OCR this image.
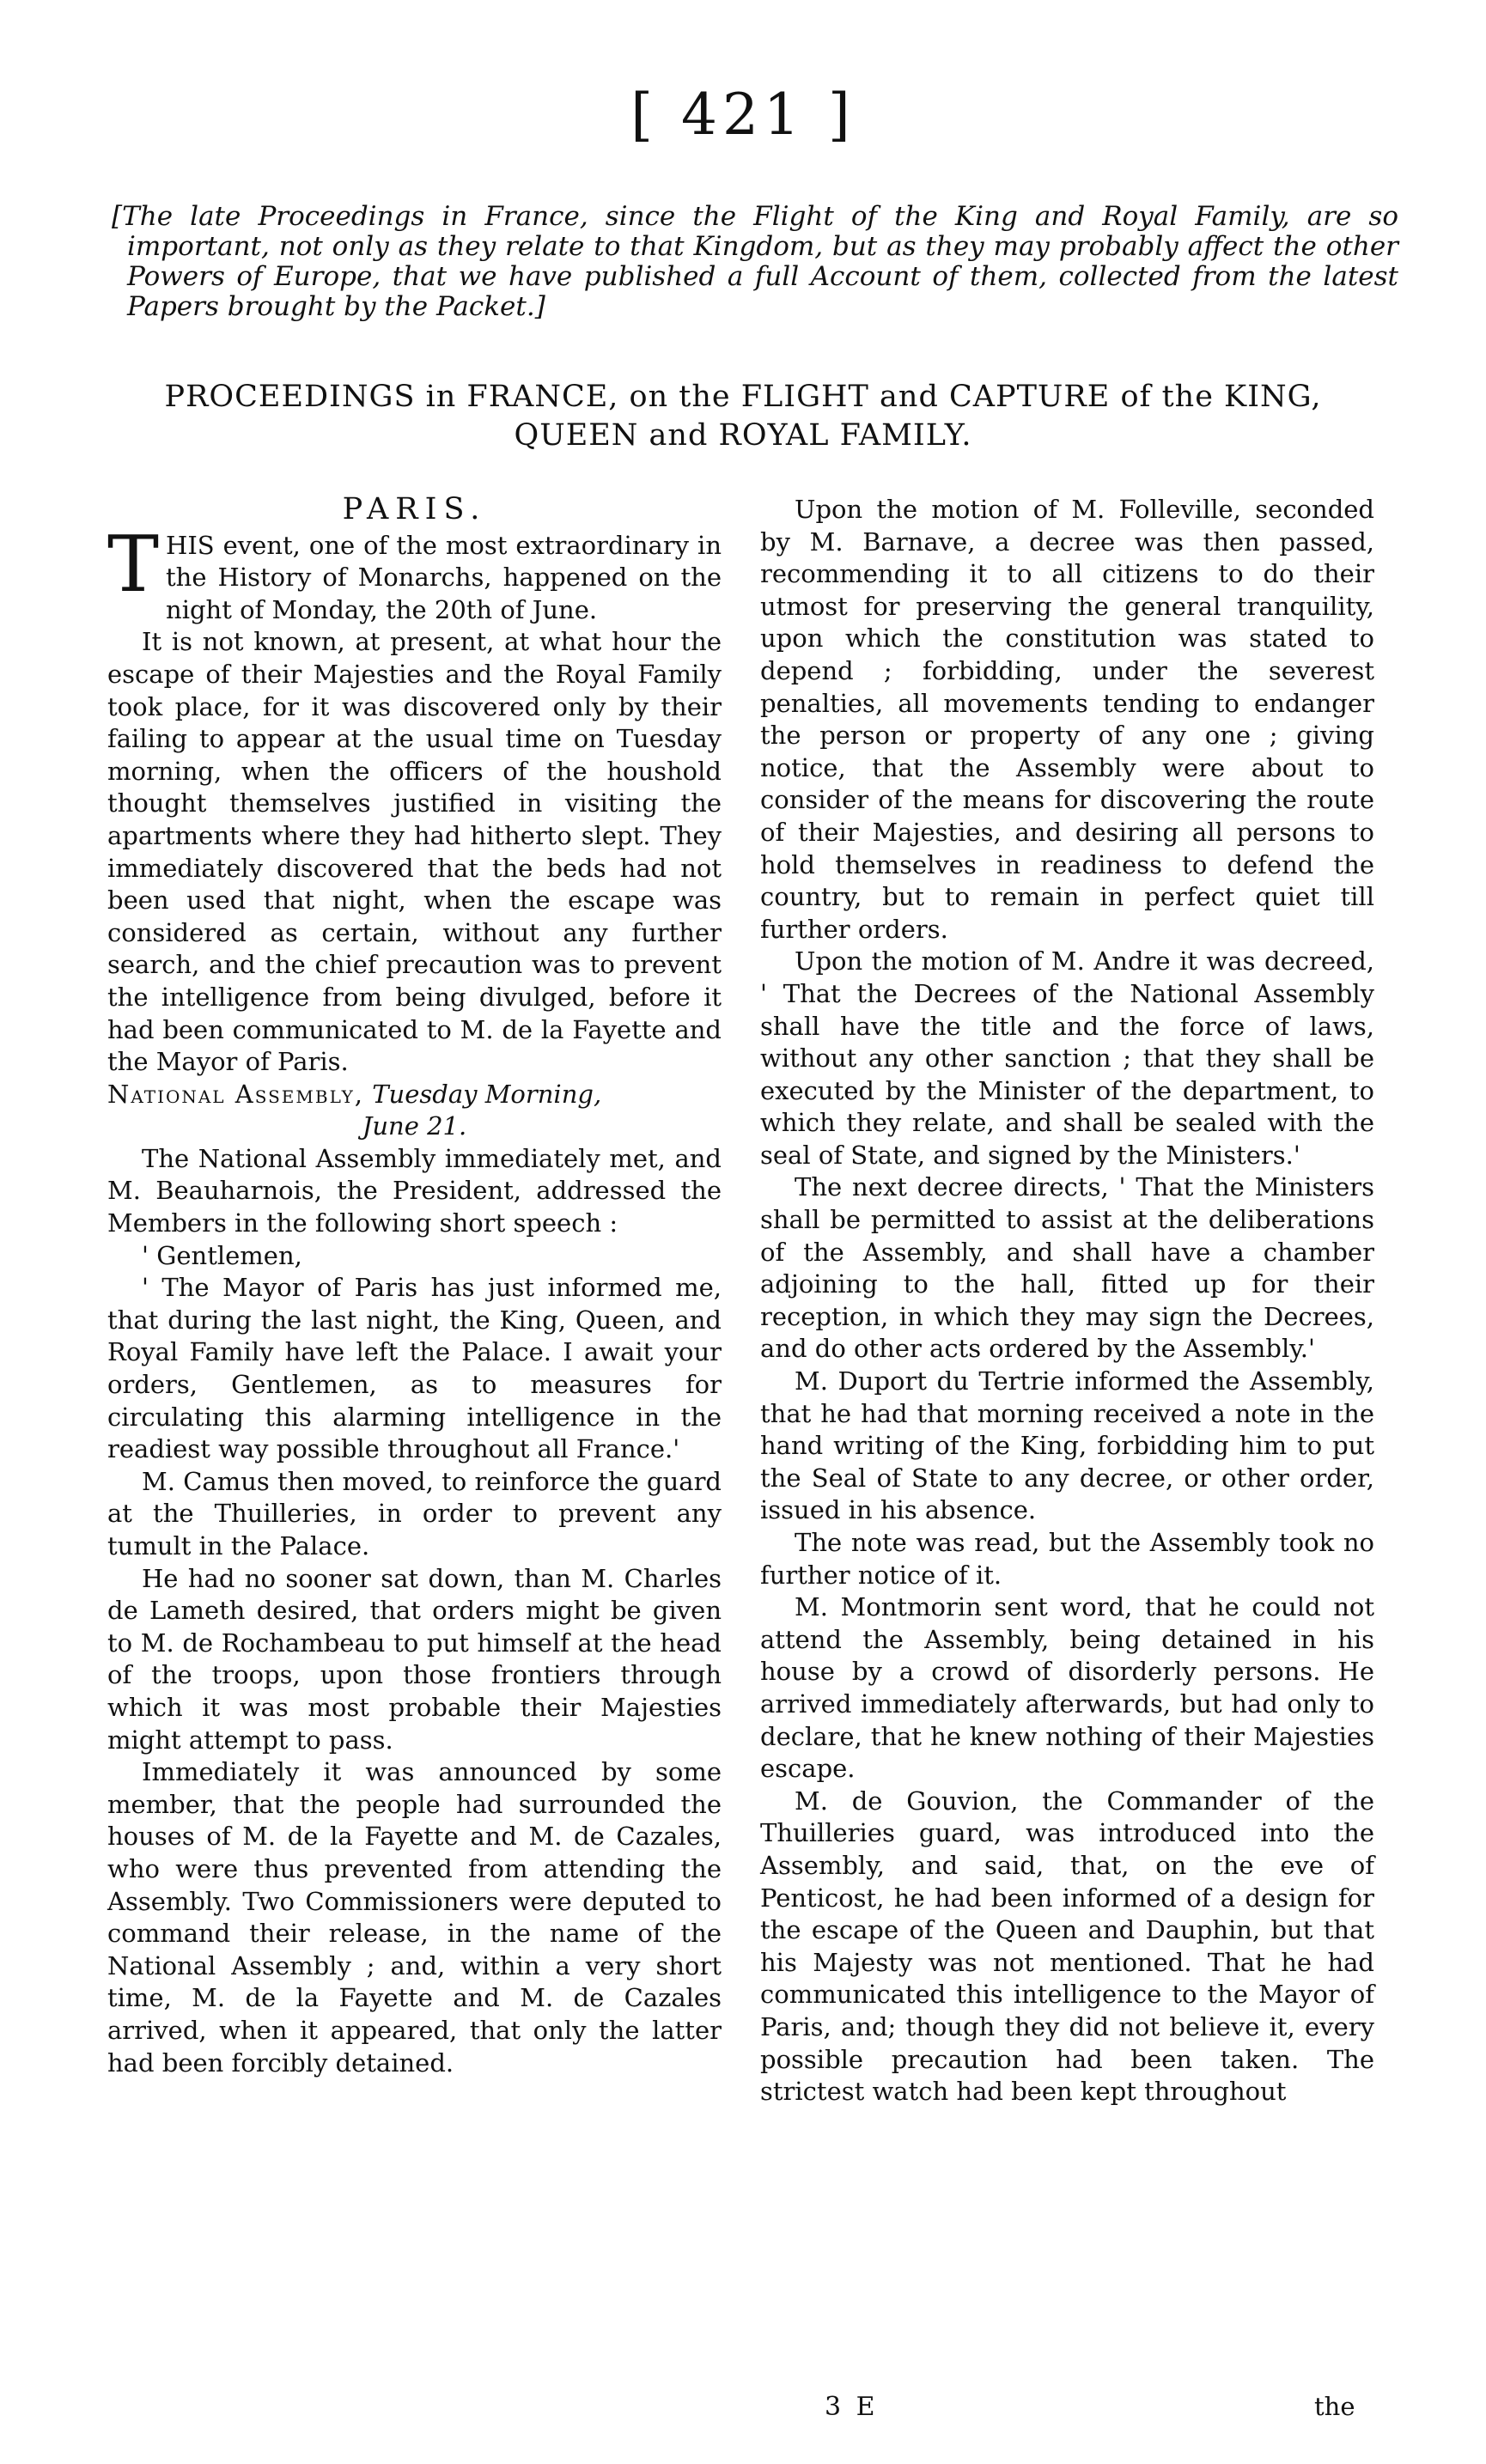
[ 421 ]
[The late Proceedings in France, since the Flight of the King and Royal Family, are so important, not only as they relate to that Kingdom, but as they may probably affect the other Powers of Europe, that we have published a full Account of them, collected from the latest Papers brought by the Packet.]
PROCEEDINGS in FRANCE, on the FLIGHT and CAPTURE of the KING,
QUEEN and ROYAL FAMILY.
PARIS.

THIS event, one of the most extraordinary in the History of Monarchs, happened on the night of Monday, the 20th of June.

It is not known, at present, at what hour the escape of their Majesties and the Royal Family took place, for it was discovered only by their failing to appear at the usual time on Tuesday morning, when the officers of the houshold thought themselves justified in visiting the apartments where they had hitherto slept. They immediately discovered that the beds had not been used that night, when the escape was considered as certain, without any further search, and the chief precaution was to prevent the intelligence from being divulged, before it had been communicated to M. de la Fayette and the Mayor of Paris.

National Assembly, Tuesday Morning,

June 21.

The National Assembly immediately met, and M. Beauharnois, the President, addressed the Members in the following short speech :

' Gentlemen,

' The Mayor of Paris has just informed me, that during the last night, the King, Queen, and Royal Family have left the Palace. I await your orders, Gentlemen, as to measures for circulating this alarming intelligence in the readiest way possible throughout all France.'

M. Camus then moved, to reinforce the guard at the Thuilleries, in order to prevent any tumult in the Palace.

He had no sooner sat down, than M. Charles de Lameth desired, that orders might be given to M. de Rochambeau to put himself at the head of the troops, upon those frontiers through which it was most probable their Majesties might attempt to pass.

Immediately it was announced by some member, that the people had surrounded the houses of M. de la Fayette and M. de Cazales, who were thus prevented from attending the Assembly. Two Commissioners were deputed to command their release, in the name of the National Assembly ; and, within a very short time, M. de la Fayette and M. de Cazales arrived, when it appeared, that only the latter had been forcibly detained.

Upon the motion of M. Folleville, seconded by M. Barnave, a decree was then passed, recommending it to all citizens to do their utmost for preserving the general tranquility, upon which the constitution was stated to depend ; forbidding, under the severest penalties, all movements tending to endanger the person or property of any one ; giving notice, that the Assembly were about to consider of the means for discovering the route of their Majesties, and desiring all persons to hold themselves in readiness to defend the country, but to remain in perfect quiet till further orders.

Upon the motion of M. Andre it was decreed, ' That the Decrees of the National Assembly shall have the title and the force of laws, without any other sanction ; that they shall be executed by the Minister of the department, to which they relate, and shall be sealed with the seal of State, and signed by the Ministers.'

The next decree directs, ' That the Ministers shall be permitted to assist at the deliberations of the Assembly, and shall have a chamber adjoining to the hall, fitted up for their reception, in which they may sign the Decrees, and do other acts ordered by the Assembly.'

M. Duport du Tertrie informed the Assembly, that he had that morning received a note in the hand writing of the King, forbidding him to put the Seal of State to any decree, or other order, issued in his absence.

The note was read, but the Assembly took no further notice of it.

M. Montmorin sent word, that he could not attend the Assembly, being detained in his house by a crowd of disorderly persons. He arrived immediately afterwards, but had only to declare, that he knew nothing of their Majesties escape.

M. de Gouvion, the Commander of the Thuilleries guard, was introduced into the Assembly, and said, that, on the eve of Penticost, he had been informed of a design for the escape of the Queen and Dauphin, but that his Majesty was not mentioned. That he had communicated this intelligence to the Mayor of Paris, and; though they did not believe it, every possible precaution had been taken. The strictest watch had been kept throughout

3 E	the
